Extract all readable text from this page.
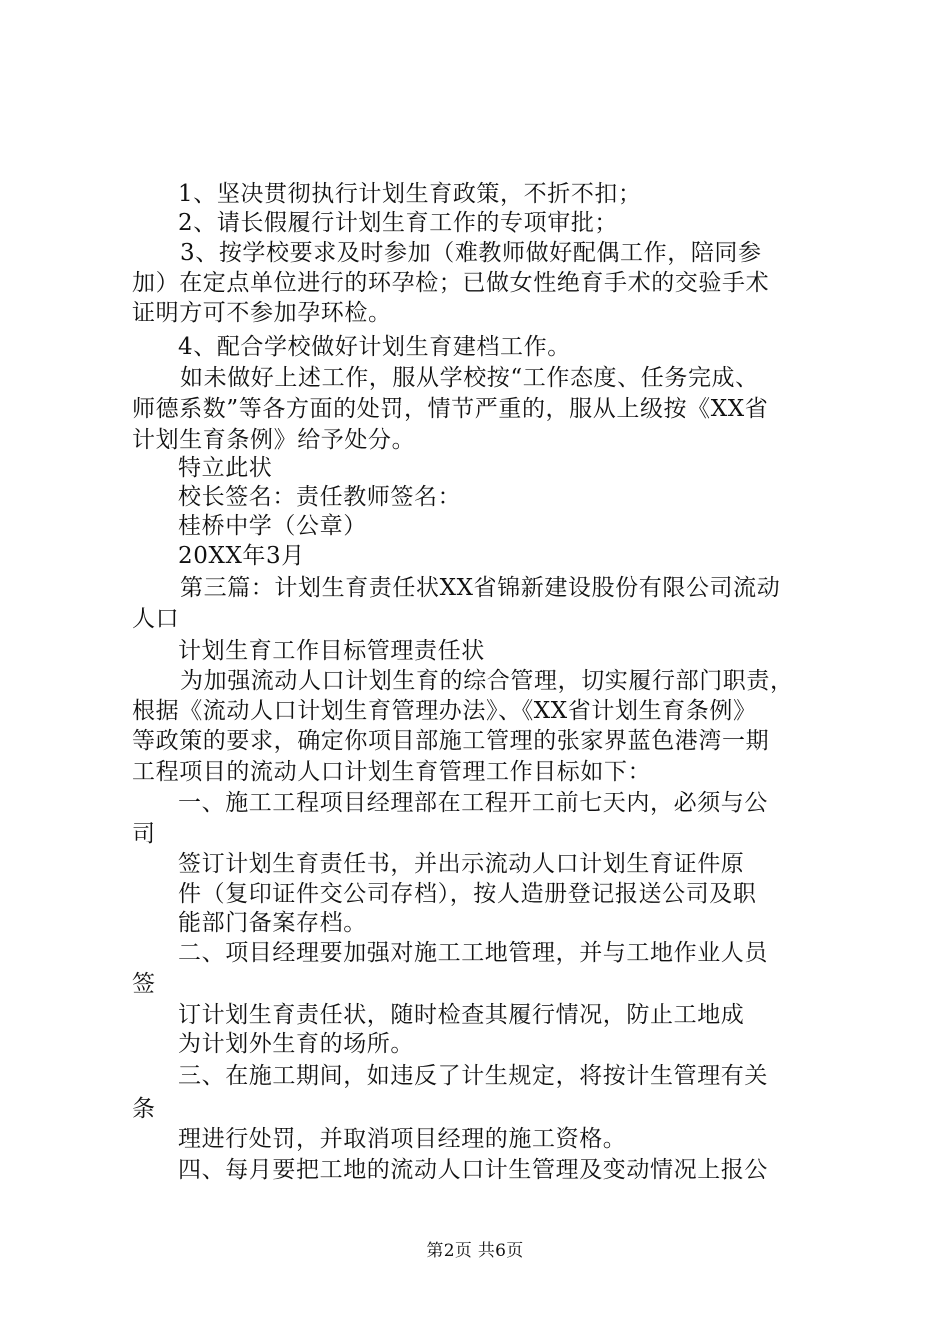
1、坚决贯彻执行计划生育政策，不折不扣；
2、请长假履行计划生育工作的专项审批；
3、按学校要求及时参加（难教师做好配偶工作，陪同参
加）在定点单位进行的环孕检；已做女性绝育手术的交验手术
证明方可不参加孕环检。
4、配合学校做好计划生育建档工作。
如未做好上述工作，服从学校按“工作态度、任务完成、
师德系数”等各方面的处罚，情节严重的，服从上级按《XX省
计划生育条例》给予处分。
特立此状
校长签名：责任教师签名：
桂桥中学（公章）
20XX年3月
第三篇：计划生育责任状XX省锦新建设股份有限公司流动
人口
计划生育工作目标管理责任状
为加强流动人口计划生育的综合管理，切实履行部门职责，
根据《流动人口计划生育管理办法》、《XX省计划生育条例》
等政策的要求，确定你项目部施工管理的张家界蓝色港湾一期
工程项目的流动人口计划生育管理工作目标如下：
一、施工工程项目经理部在工程开工前七天内，必须与公
司
签订计划生育责任书，并出示流动人口计划生育证件原
件（复印证件交公司存档），按人造册登记报送公司及职
能部门备案存档。
二、项目经理要加强对施工工地管理，并与工地作业人员
签
订计划生育责任状，随时检查其履行情况，防止工地成
为计划外生育的场所。
三、在施工期间，如违反了计生规定，将按计生管理有关
条
理进行处罚，并取消项目经理的施工资格。
四、每月要把工地的流动人口计生管理及变动情况上报公
第2页 共6页
